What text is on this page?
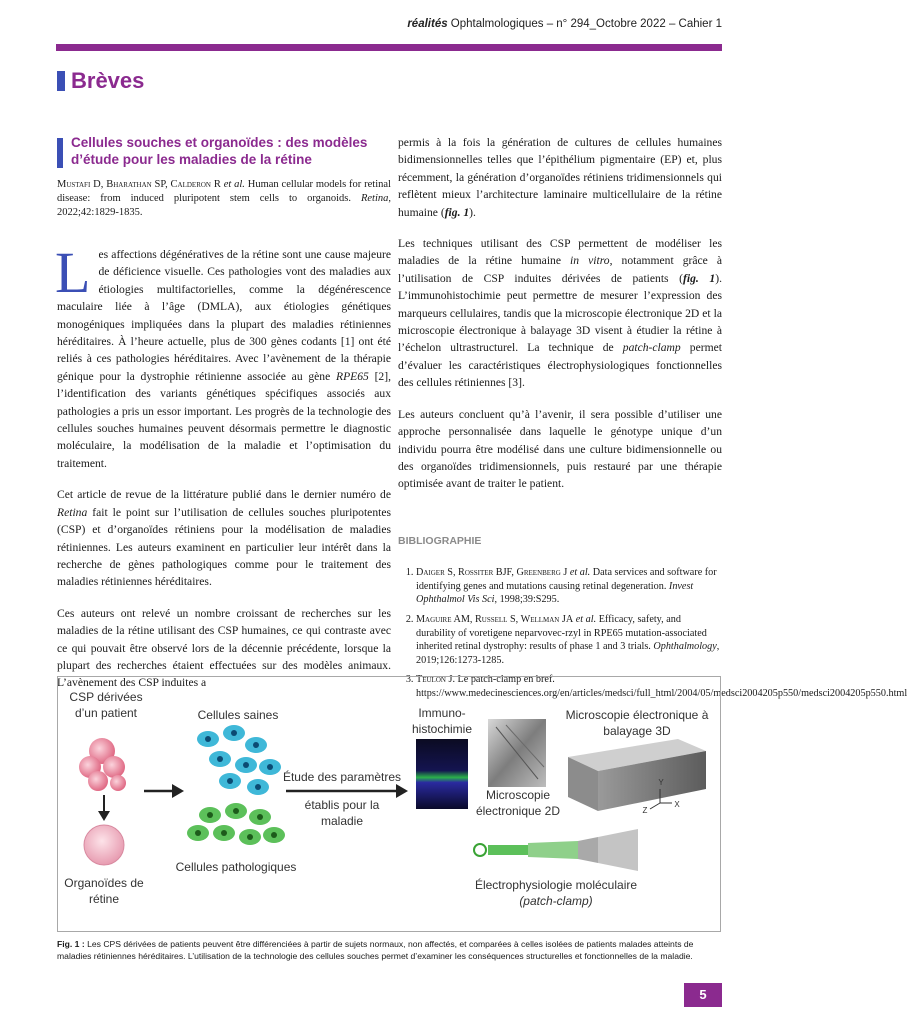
réalités Ophtalmologiques – n° 294_Octobre 2022 – Cahier 1
Brèves
Cellules souches et organoïdes : des modèles d’étude pour les maladies de la rétine
Mustafi D, Bharathan SP, Calderon R et al. Human cellular models for retinal disease: from induced pluripotent stem cells to organoids. Retina, 2022;42:1829-1835.

Les affections dégénératives de la rétine sont une cause majeure de déficience visuelle. Ces pathologies vont des maladies aux étiologies multifactorielles, comme la dégénérescence maculaire liée à l’âge (DMLA), aux étiologies génétiques monogéniques impliquées dans la plupart des maladies rétiniennes héréditaires. À l’heure actuelle, plus de 300 gènes codants [1] ont été reliés à ces pathologies héréditaires. Avec l’avènement de la thérapie génique pour la dystrophie rétinienne associée au gène RPE65 [2], l’identification des variants génétiques spécifiques associés aux pathologies a pris un essor important. Les progrès de la technologie des cellules souches humaines peuvent désormais permettre le diagnostic moléculaire, la modélisation de la maladie et l’optimisation du traitement.

Cet article de revue de la littérature publié dans le dernier numéro de Retina fait le point sur l’utilisation de cellules souches pluripotentes (CSP) et d’organoïdes rétiniens pour la modélisation de maladies rétiniennes. Les auteurs examinent en particulier leur intérêt dans la recherche de gènes pathologiques comme pour le traitement des maladies rétiniennes héréditaires.

Ces auteurs ont relevé un nombre croissant de recherches sur les maladies de la rétine utilisant des CSP humaines, ce qui contraste avec ce qui pouvait être observé lors de la décennie précédente, lorsque la plupart des recherches étaient effectuées sur des modèles animaux. L’avènement des CSP induites a

permis à la fois la génération de cultures de cellules humaines bidimensionnelles telles que l’épithélium pigmentaire (EP) et, plus récemment, la génération d’organoïdes rétiniens tridimensionnels qui reflètent mieux l’architecture laminaire multicellulaire de la rétine humaine (fig. 1).

Les techniques utilisant des CSP permettent de modéliser les maladies de la rétine humaine in vitro, notamment grâce à l’utilisation de CSP induites dérivées de patients (fig. 1). L’immunohistochimie peut permettre de mesurer l’expression des marqueurs cellulaires, tandis que la microscopie électronique 2D et la microscopie électronique à balayage 3D visent à étudier la rétine à l’échelon ultrastructurel. La technique de patch-clamp permet d’évaluer les caractéristiques électrophysiologiques fonctionnelles des cellules rétiniennes [3].

Les auteurs concluent qu’à l’avenir, il sera possible d’utiliser une approche personnalisée dans laquelle le génotype unique d’un individu pourra être modélisé dans une culture bidimensionnelle ou des organoïdes tridimensionnels, puis restauré par une thérapie optimisée avant de traiter le patient.

BIBLIOGRAPHIE
1. Daiger S, Rossiter BJF, Greenberg J et al. Data services and software for identifying genes and mutations causing retinal degeneration. Invest Ophthalmol Vis Sci, 1998;39:S295.
2. Maguire AM, Russell S, Wellman JA et al. Efficacy, safety, and durability of voretigene neparvovec-rzyl in RPE65 mutation-associated inherited retinal dystrophy: results of phase 1 and 3 trials. Ophthalmology, 2019;126:1273-1285.
3. Teulon J. Le patch-clamp en bref. https://www.medecinesciences.org/en/articles/medsci/full_html/2004/05/medsci2004205p550/medsci2004205p550.html
CSP dérivées d’un patient	Cellules saines
Organoïdes de rétine
Cellules pathologiques
Étude des paramètres
établis pour la maladie
Immuno-histochimie
Microscopie électronique 2D
Microscopie électronique à balayage 3D
Électrophysiologie moléculaire
(patch-clamp)
Y
Z
X
Fig. 1 : Les CPS dérivées de patients peuvent être différenciées à partir de sujets normaux, non affectés, et comparées à celles isolées de patients malades atteints de maladies rétiniennes héréditaires. L’utilisation de la technologie des cellules souches permet d’examiner les conséquences structurelles et fonctionnelles de la maladie.
5
